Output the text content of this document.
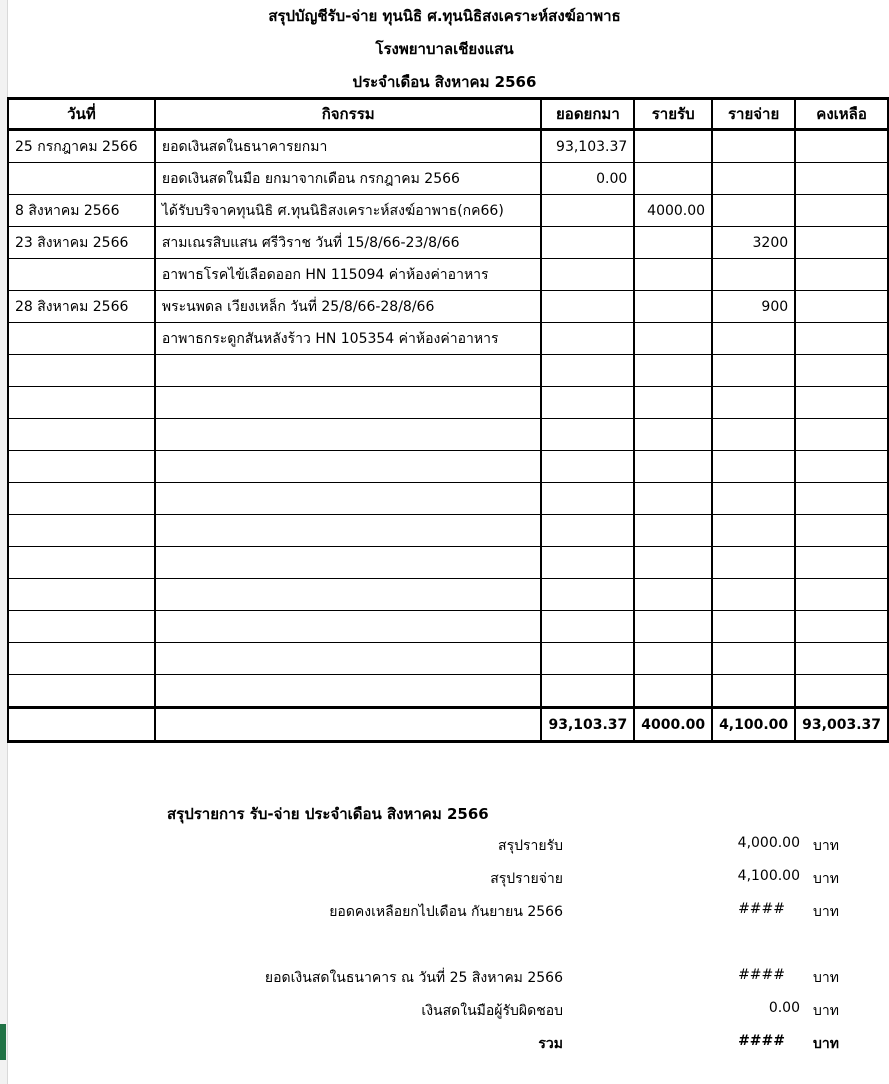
สรุปบัญชีรับ-จ่าย ทุนนิธิ ศ.ทุนนิธิสงเคราะห์สงฆ์อาพาธ
โรงพยาบาลเชียงแสน
ประจำเดือน สิงหาคม 2566
วันที่	กิจกรรม	ยอดยกมา	รายรับ	รายจ่าย	คงเหลือ
25 กรกฎาคม 2566	ยอดเงินสดในธนาคารยกมา	93,103.37			
	ยอดเงินสดในมือ ยกมาจากเดือน กรกฎาคม 2566	0.00			
8 สิงหาคม 2566	ได้รับบริจาคทุนนิธิ ศ.ทุนนิธิสงเคราะห์สงฆ์อาพาธ(กค66)		4000.00		
23 สิงหาคม 2566	สามเณรสิบแสน ศรีวิราช วันที่ 15/8/66-23/8/66			3200	
	อาพาธโรคไข้เลือดออก HN 115094 ค่าห้องค่าอาหาร				
28 สิงหาคม 2566	พระนพดล เวียงเหล็ก วันที่ 25/8/66-28/8/66			900	
	อาพาธกระดูกสันหลังร้าว HN 105354 ค่าห้องค่าอาหาร				

		93,103.37	4000.00	4,100.00	93,003.37
สรุปรายการ รับ-จ่าย ประจำเดือน สิงหาคม 2566
สรุปรายรับ	4,000.00 บาท
สรุปรายจ่าย	4,100.00 บาท
ยอดคงเหลือยกไปเดือน กันยายน 2566	#### บาท
ยอดเงินสดในธนาคาร ณ วันที่ 25 สิงหาคม 2566	#### บาท
เงินสดในมือผู้รับผิดชอบ	0.00 บาท
รวม	#### บาท
